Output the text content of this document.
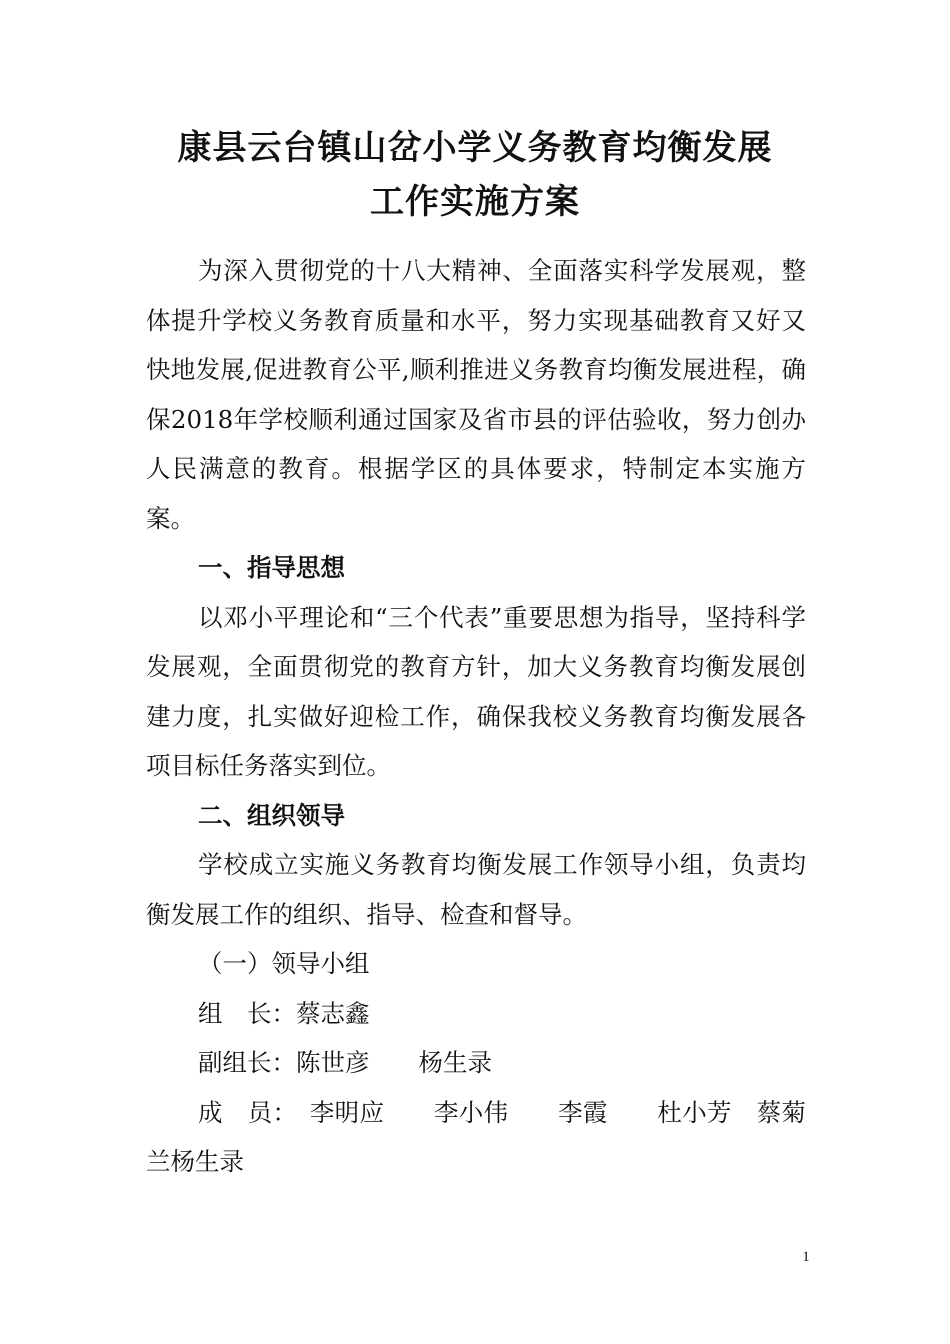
康县云台镇山岔小学义务教育均衡发展
工作实施方案

为深入贯彻党的十八大精神、全面落实科学发展观，整体提升学校义务教育质量和水平，努力实现基础教育又好又快地发展,促进教育公平,顺利推进义务教育均衡发展进程，确保2018年学校顺利通过国家及省市县的评估验收，努力创办人民满意的教育。根据学区的具体要求，特制定本实施方案。

一、指导思想

以邓小平理论和“三个代表”重要思想为指导，坚持科学发展观，全面贯彻党的教育方针，加大义务教育均衡发展创建力度，扎实做好迎检工作，确保我校义务教育均衡发展各项目标任务落实到位。

二、组织领导

学校成立实施义务教育均衡发展工作领导小组，负责均衡发展工作的组织、指导、检查和督导。

（一）领导小组

组　长：蔡志鑫

副组长：陈世彦　　杨生录

成　员：　李明应　　李小伟　　李霞　　杜小芳　蔡菊兰杨生录

1
